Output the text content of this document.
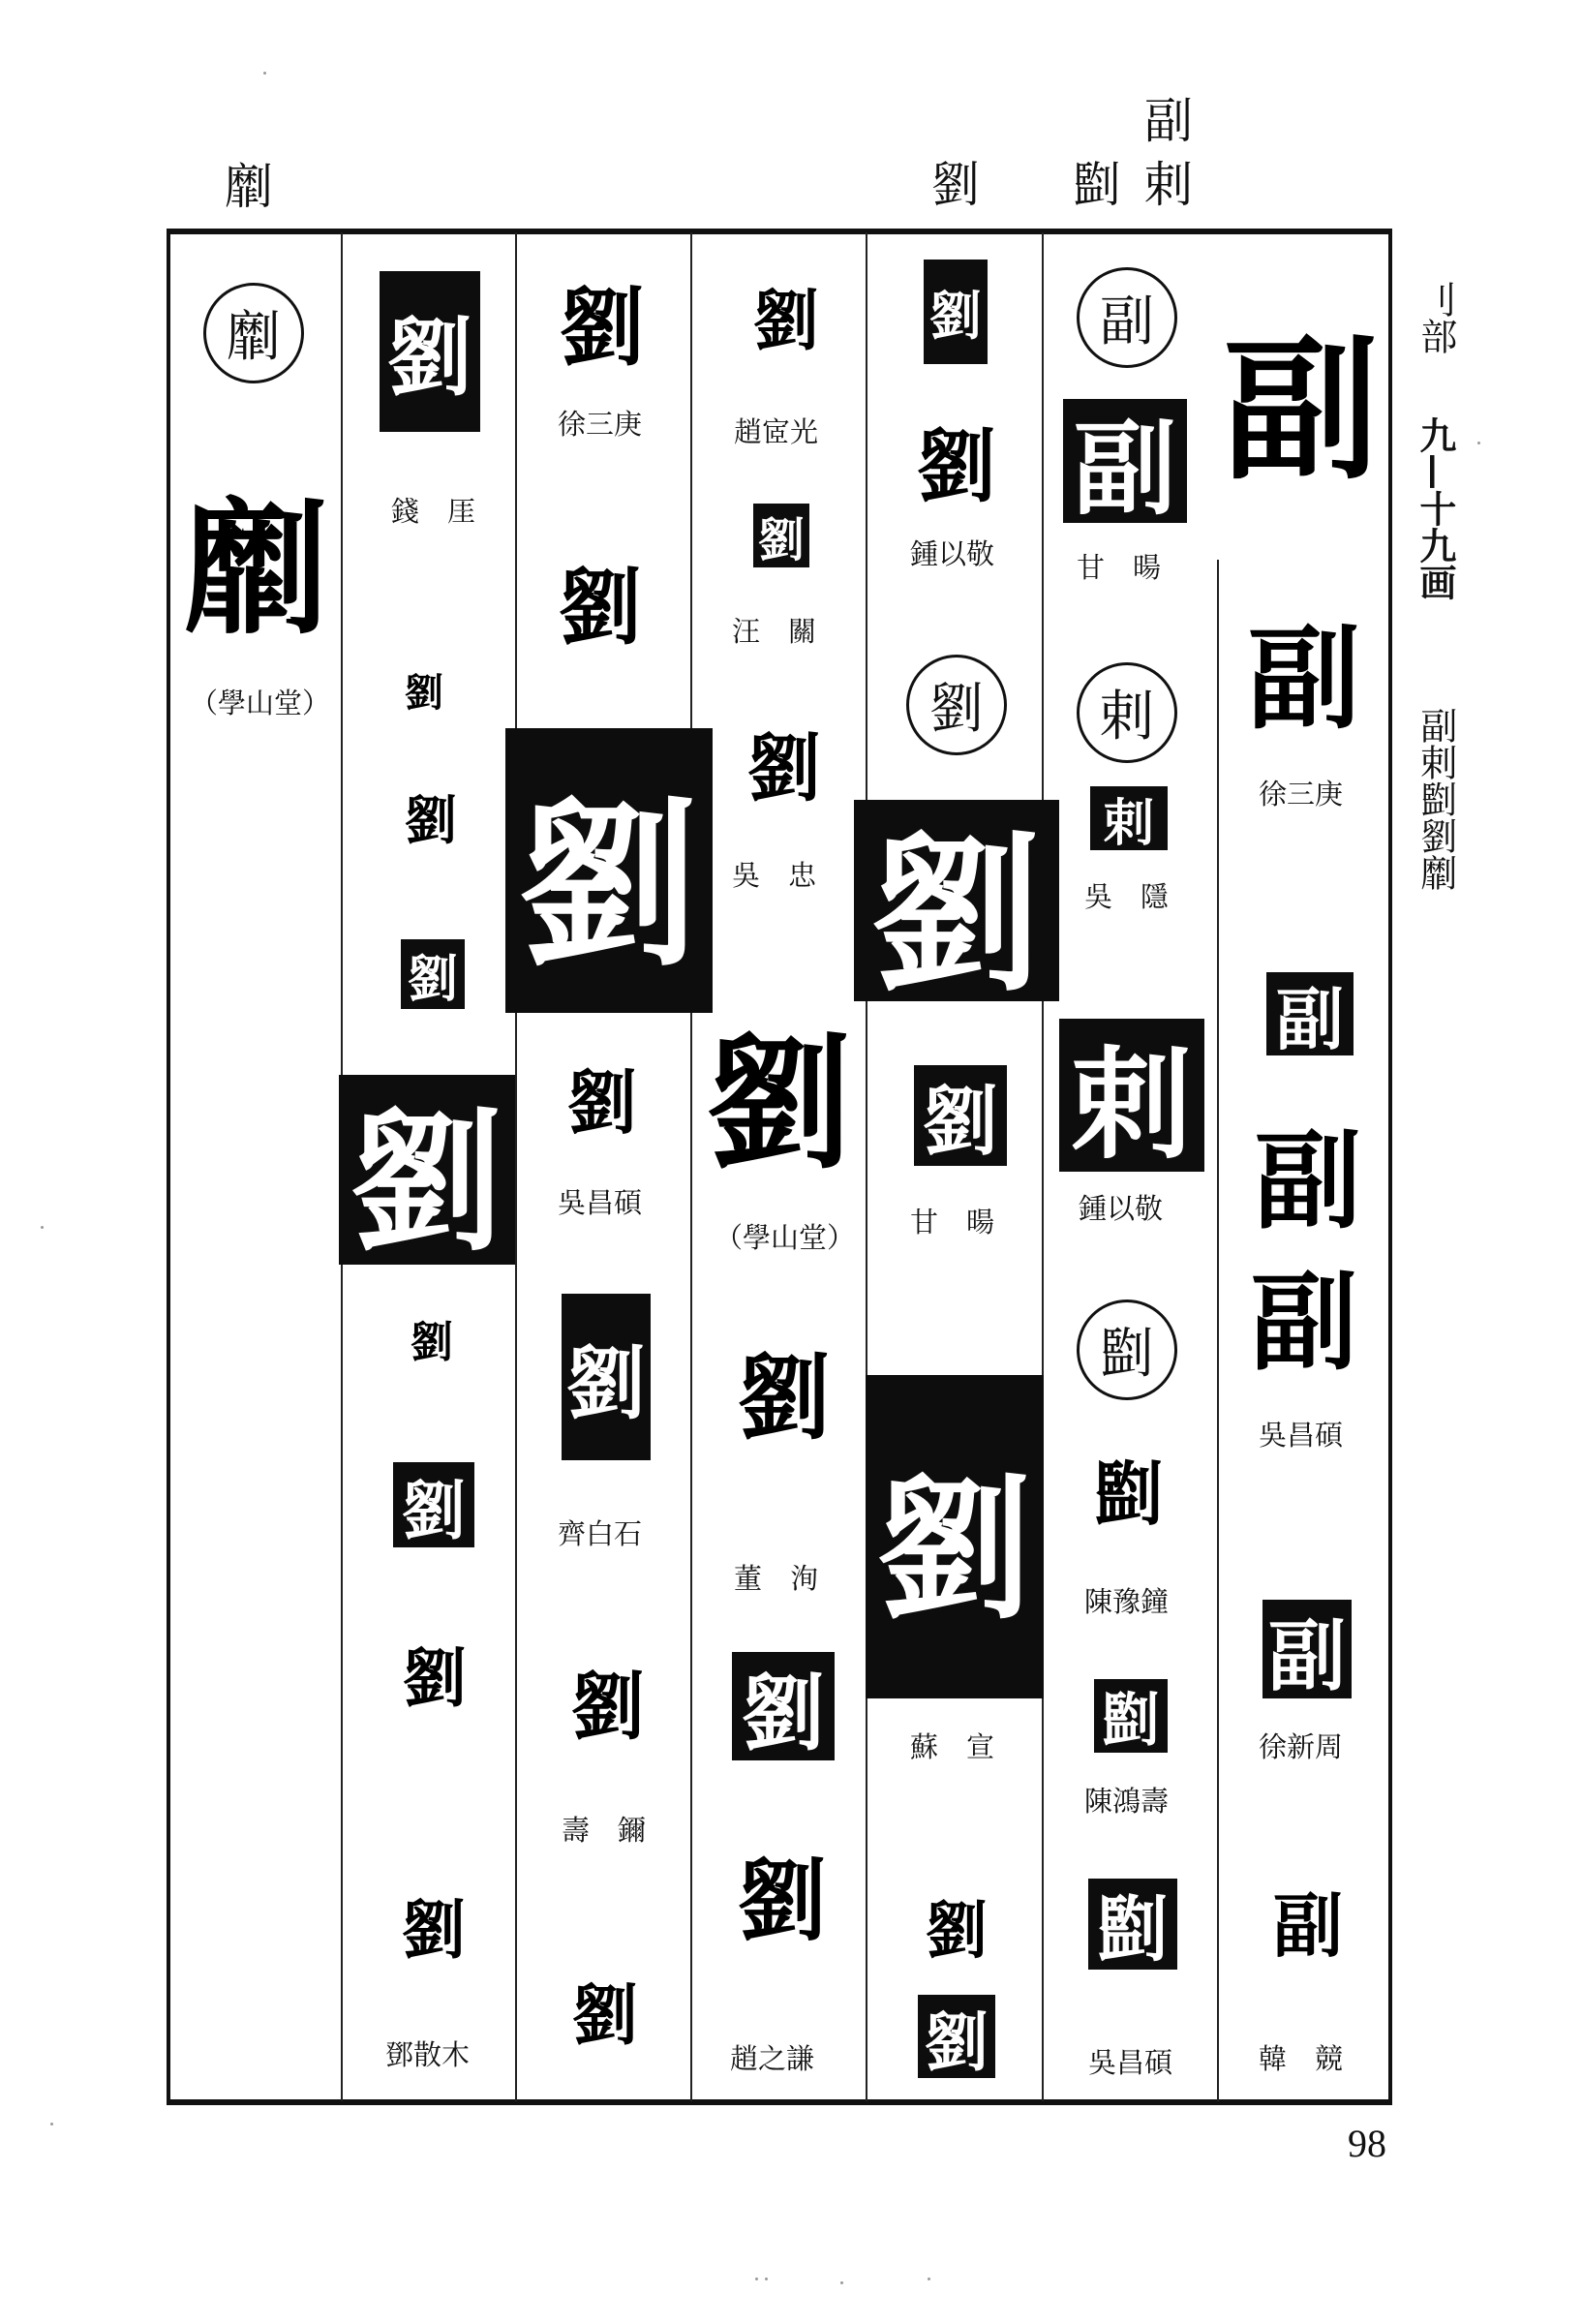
劘	劉 㔋 剌
副
劘
劘
（學山堂）
劉
錢　厓
劉
劉
劉
劉
劉
劉
劉
劉
鄧散木
劉
徐三庚
劉
劉
劉
吳昌碩
劉
齊白石
劉
壽　鑈
劉
劉
趙宧光
劉
汪　關
劉
吳　忠
劉
（學山堂）
劉
董　洵
劉
劉
趙之謙
劉
劉
鍾以敬
劉
劉
劉
甘　暘
劉
蘇　宣
劉
劉
副
副
甘　暘
剌
剌
吳　隱
剌
鍾以敬
㔋
㔋
陳豫鐘
㔋
陳鴻壽
㔋
吳昌碩
副
副
徐三庚
副
副
副
吳昌碩
副
徐新周
副
韓　競
刂部
九—十九画
副剌㔋劉劘
98
